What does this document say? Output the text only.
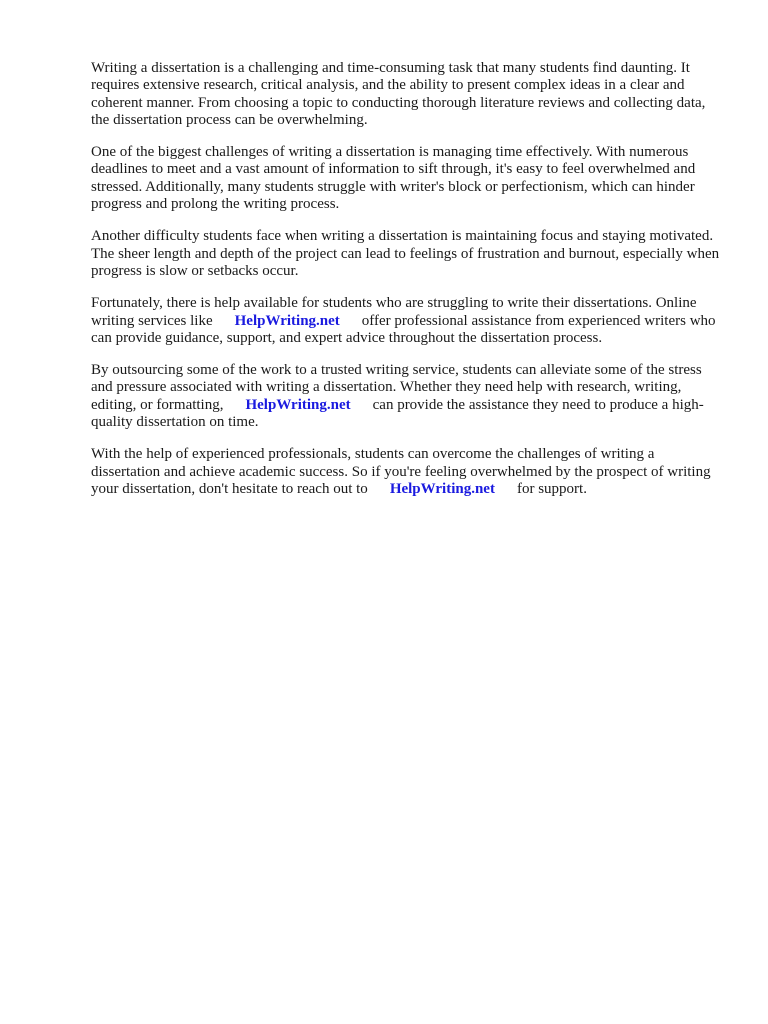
Writing a dissertation is a challenging and time-consuming task that many students find daunting. It requires extensive research, critical analysis, and the ability to present complex ideas in a clear and coherent manner. From choosing a topic to conducting thorough literature reviews and collecting data, the dissertation process can be overwhelming.

One of the biggest challenges of writing a dissertation is managing time effectively. With numerous deadlines to meet and a vast amount of information to sift through, it's easy to feel overwhelmed and stressed. Additionally, many students struggle with writer's block or perfectionism, which can hinder progress and prolong the writing process.

Another difficulty students face when writing a dissertation is maintaining focus and staying motivated. The sheer length and depth of the project can lead to feelings of frustration and burnout, especially when progress is slow or setbacks occur.

Fortunately, there is help available for students who are struggling to write their dissertations. Online writing services like HelpWriting.net offer professional assistance from experienced writers who can provide guidance, support, and expert advice throughout the dissertation process.

By outsourcing some of the work to a trusted writing service, students can alleviate some of the stress and pressure associated with writing a dissertation. Whether they need help with research, writing, editing, or formatting, HelpWriting.net can provide the assistance they need to produce a high-quality dissertation on time.

With the help of experienced professionals, students can overcome the challenges of writing a dissertation and achieve academic success. So if you're feeling overwhelmed by the prospect of writing your dissertation, don't hesitate to reach out to HelpWriting.net for support.
